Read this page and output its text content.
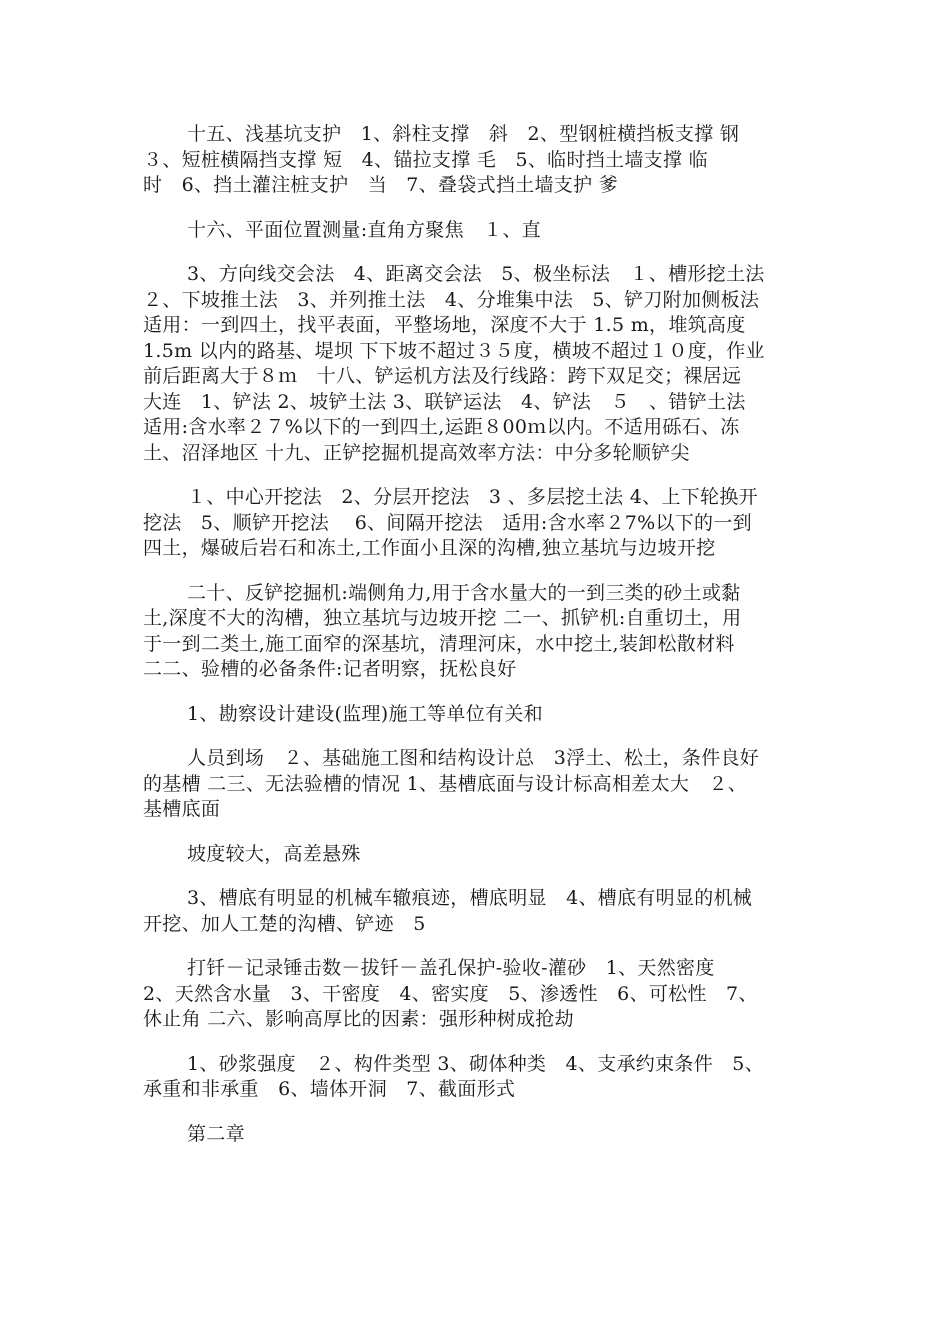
十五、浅基坑支护　1、斜柱支撑　斜　2、型钢桩横挡板支撑 钢
３、短桩横隔挡支撑 短　4、锚拉支撑 毛　5、临时挡土墙支撑 临
时　6、挡土灌注桩支护　当　7、叠袋式挡土墙支护 爹

十六、平面位置测量:直角方聚焦　１、直

3、方向线交会法　4、距离交会法　5、极坐标法　１、槽形挖土法
２、下坡推土法　3、并列推土法　4、分堆集中法　5、铲刀附加侧板法
适用：一到四土，找平表面，平整场地，深度不大于 1.5 m，堆筑高度
1.5m 以内的路基、堤坝 下下坡不超过３５度，横坡不超过１０度，作业
前后距离大于８ｍ　十八、铲运机方法及行线路：跨下双足交；裸居远
大连　1、铲法 2、坡铲土法 3、联铲运法　4、铲法　５　、错铲土法
适用:含水率２７%以下的一到四土,运距８00ｍ以内。不适用砾石、冻
土、沼泽地区 十九、正铲挖掘机提高效率方法：中分多轮顺铲尖

１、中心开挖法　2、分层开挖法　3 、多层挖土法 4、上下轮换开
挖法　5、顺铲开挖法　 6、间隔开挖法　适用:含水率２7%以下的一到
四土，爆破后岩石和冻土,工作面小且深的沟槽,独立基坑与边坡开挖

二十、反铲挖掘机:端侧角力,用于含水量大的一到三类的砂土或黏
土,深度不大的沟槽，独立基坑与边坡开挖 二一、抓铲机:自重切土，用
于一到二类土,施工面窄的深基坑，清理河床，水中挖土,装卸松散材料
二二、验槽的必备条件:记者明察，抚松良好

1、勘察设计建设(监理)施工等单位有关和

人员到场　２、基础施工图和结构设计总　3浮土、松土，条件良好
的基槽 二三、无法验槽的情况 1、基槽底面与设计标高相差太大　２、
基槽底面

坡度较大，高差悬殊

3、槽底有明显的机械车辙痕迹，槽底明显　4、槽底有明显的机械
开挖、加人工楚的沟槽、铲迹　5

打钎－记录锤击数－拔钎－盖孔保护-验收-灌砂　1、天然密度
2、天然含水量　3、干密度　4、密实度　5、渗透性　6、可松性　7、
休止角 二六、影响高厚比的因素：强形种树成抢劫

1、砂浆强度　２、构件类型 3、砌体种类　4、支承约束条件　5、
承重和非承重　6、墙体开洞　7、截面形式

第二章
